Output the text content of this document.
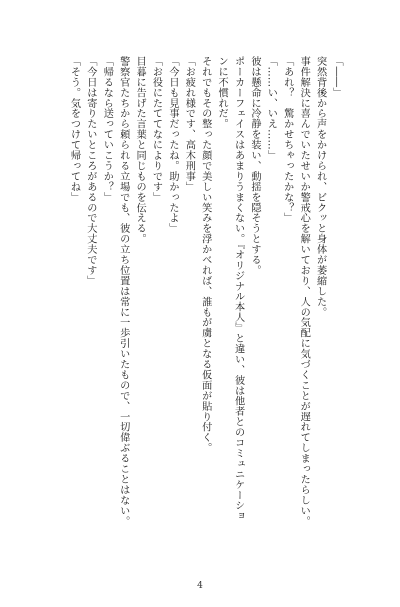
「――」
突然背後から声をかけられ、ビクッと身体が萎縮した。
事件解決に喜んでいたせいか警戒心を解いており、人の気配に気づくことが遅れてしまったらしい。
「あれ？　驚かせちゃったかな？」
「……い、いえ……」
彼は懸命に冷静を装い、動揺を隠そうとする。
ポーカーフェイスはあまりうまくない。『オリジナル本人』と違い、彼は他者とのコミュニケーショ
ンに不慣れだ。
それでもその整った顔で美しい笑みを浮かべれば、誰もが虜となる仮面が貼り付く。
「お疲れ様です、高木刑事」
「今日も見事だったね。助かったよ」
「お役にたててなによりです」
目暮に告げた言葉と同じものを伝える。
警察官たちから頼られる立場でも、彼の立ち位置は常に一歩引いたもので、一切偉ぶることはない。
「帰るなら送っていこうか？」
「今日は寄りたいところがあるので大丈夫です」
「そう。気をつけて帰ってね」
4
